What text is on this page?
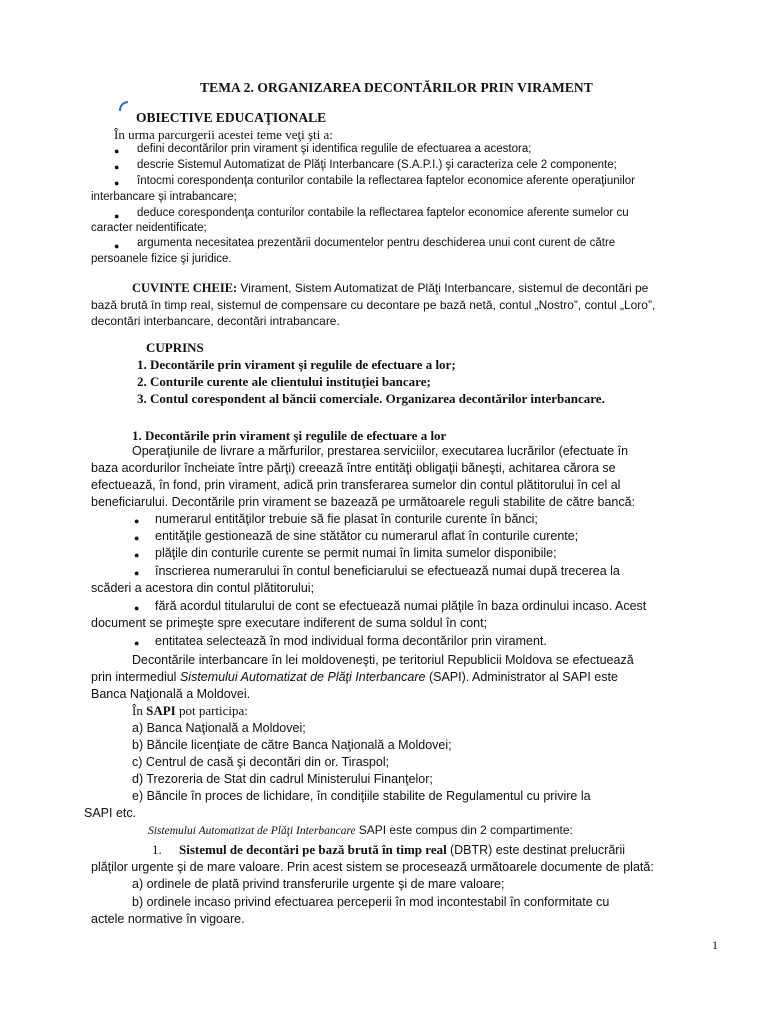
TEMA 2. ORGANIZAREA DECONTĂRILOR PRIN VIRAMENT
OBIECTIVE EDUCAŢIONALE
În urma parcurgerii acestei teme veţi şti a:
● defini decontărilor prin virament şi identifica regulile de efectuarea a acestora;
● descrie Sistemul Automatizat de Plăţi Interbancare (S.A.P.I.) şi caracteriza cele 2 componente;
● întocmi corespondenţa conturilor contabile la reflectarea faptelor economice aferente operaţiunilor
interbancare şi intrabancare;
● deduce corespondenţa conturilor contabile la reflectarea faptelor economice aferente sumelor cu
caracter neidentificate;
● argumenta necesitatea prezentării documentelor pentru deschiderea unui cont curent de către
persoanele fizice şi juridice.
CUVINTE CHEIE: Virament, Sistem Automatizat de Plăţi Interbancare, sistemul de decontări pe
bază brută în timp real, sistemul de compensare cu decontare pe bază netă, contul „Nostro”, contul „Loro”,
decontări interbancare, decontări intrabancare.
CUPRINS
1. Decontările prin virament şi regulile de efectuare a lor;
2. Conturile curente ale clientului instituţiei bancare;
3. Contul corespondent al băncii comerciale. Organizarea decontărilor interbancare.
1. Decontările prin virament şi regulile de efectuare a lor
Operaţiunile de livrare a mărfurilor, prestarea serviciilor, executarea lucrărilor (efectuate în
baza acordurilor încheiate între părţi) creează între entităţi obligaţii băneşti, achitarea cărora se
efectuează, în fond, prin virament, adică prin transferarea sumelor din contul plătitorului în cel al
beneficiarului. Decontările prin virament se bazează pe următoarele reguli stabilite de către bancă:
● numerarul entităţilor trebuie să fie plasat în conturile curente în bănci;
● entităţile gestionează de sine stătător cu numerarul aflat în conturile curente;
● plăţile din conturile curente se permit numai în limita sumelor disponibile;
● înscrierea numerarului în contul beneficiarului se efectuează numai după trecerea la
scăderi a acestora din contul plătitorului;
● fără acordul titularului de cont se efectuează numai plăţile în baza ordinului incaso. Acest
document se primeşte spre executare indiferent de suma soldul în cont;
● entitatea selectează în mod individual forma decontărilor prin virament.
Decontările interbancare în lei moldoveneşti, pe teritoriul Republicii Moldova se efectuează
prin intermediul Sistemului Automatizat de Plăţi Interbancare (SAPI). Administrator al SAPI este
Banca Naţională a Moldovei.
În SAPI pot participa:
a) Banca Naţională a Moldovei;
b) Băncile licenţiate de către Banca Naţională a Moldovei;
c) Centrul de casă şi decontări din or. Tiraspol;
d) Trezoreria de Stat din cadrul Ministerului Finanţelor;
e) Băncile în proces de lichidare, în condiţiile stabilite de Regulamentul cu privire la
SAPI etc.
Sistemului Automatizat de Plăţi Interbancare SAPI este compus din 2 compartimente:
1. Sistemul de decontări pe bază brută în timp real (DBTR) este destinat prelucrării
plăţilor urgente şi de mare valoare. Prin acest sistem se procesează următoarele documente de plată:
a) ordinele de plată privind transferurile urgente şi de mare valoare;
b) ordinele incaso privind efectuarea perceperii în mod incontestabil în conformitate cu
actele normative în vigoare.
1
